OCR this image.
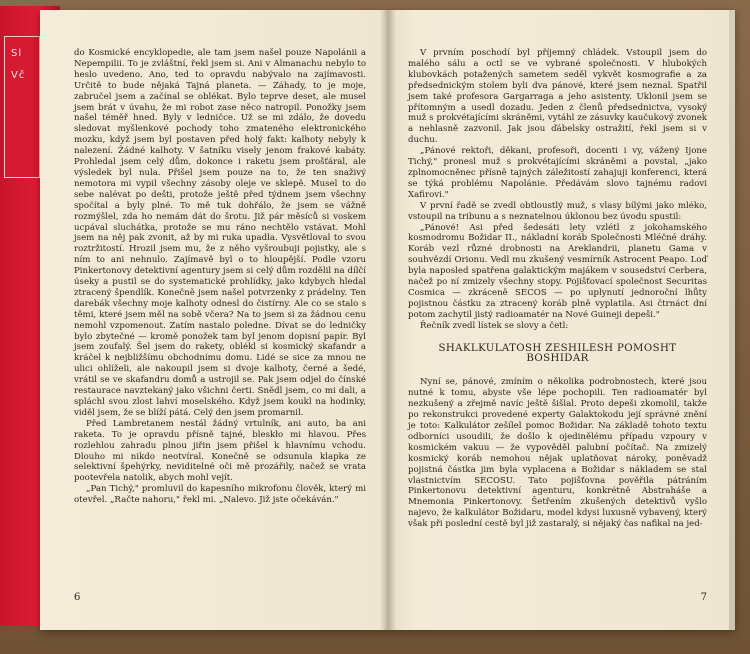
Sl
Vč

do Kosmické encyklopedie, ale tam jsem našel pouze Napolánii a Nepempilii. To je zvláštní, řekl jsem si. Ani v Almanachu nebylo to heslo uvedeno. Ano, ted to opravdu nabývalo na zajímavosti. Určitě to bude nějaká Tajná planeta. — Záhady, to je moje, zabručel jsem a začínal se oblékat. Bylo teprve deset, ale musel jsem brát v úvahu, že mi robot zase něco natropil. Ponožky jsem našel téměř hned. Byly v ledničce. Už se mi zdálo, že dovedu sledovat myšlenkové pochody toho zmateného elektronického mozku, když jsem byl postaven před holý fakt: kalhoty nebyly k nalezení. Žádné kalhoty. V šatníku visely jenom frakové kabáty. Prohledal jsem celý dům, dokonce i raketu jsem prošťáral, ale výsledek byl nula. Přišel jsem pouze na to, že ten snaživý nemotora mi vypil všechny zásoby oleje ve sklepě. Musel to do sebe nalévat po dešti, protože ještě před týdnem jsem všechny spočítal a byly plné. To mě tuk dohřálo, že jsem se vážně rozmýšlel, zda ho nemám dát do šrotu. Již pár měsíců si voskem ucpával sluchátka, protože se mu ráno nechtělo vstávat. Mohl jsem na něj pak zvonit, až by mi ruka upadla. Vysvětloval to svou roztržitostí. Hrozil jsem mu, že z něho vyšroubuji pojistky, ale s ním to ani nehnulo. Zajímavě byl o to hloupější. Podle vzoru Pinkertonovy detektivní agentury jsem si celý dům rozdělil na dílčí úseky a pustil se do systematické prohlídky, jako kdybych hledal ztracený špendlík. Konečně jsem našel potvrzenky z prádelny. Ten darebák všechny moje kalhoty odnesl do čistírny. Ale co se stalo s těmi, které jsem měl na sobě včera? Na to jsem si za žádnou cenu nemohl vzpomenout. Zatím nastalo poledne. Dívat se do ledničky bylo zbytečné — kromě ponožek tam byl jenom dopisní papír. Byl jsem zoufalý. Šel jsem do rakety, oblékl si kosmický skafandr a kráčel k nejbližšímu obchodnímu domu. Lidé se sice za mnou ne ulici ohlíželi, ale nakoupil jsem si dvoje kalhoty, černé a šedé, vrátil se ve skafandru domů a ustrojil se. Pak jsem odjel do čínské restaurace navztekaný jako všichni čerti. Snědl jsem, co mi dali, a spláchl svou zlost lahví moselského. Když jsem koukl na hodinky, viděl jsem, že se blíží pátá. Celý den jsem promarnil.

Před Lambretanem nestál žádný vrtulník, ani auto, ba ani raketa. To je opravdu přísně tajné, bleskło mi hlavou. Přes rozlehlou zahradu plnou jiřin jsem přišel k hlavnímu vchodu. Dlouho mi nikdo neotvíral. Konečně se odsunula klapka ze selektivní špehýrky, neviditelné oči mě prozářily, načež se vrata pootevřela natolik, abych mohl vejít.

„Pan Tichý," promluvil do kapesního mikrofonu člověk, který mi otevřel. „Račte nahoru," řekl mi. „Nalevo. Již jste očekáván."

6

V prvním poschodí byl příjemný chládek. Vstoupil jsem do malého sálu a octl se ve vybrané společnosti. V hlubokých klubovkách potažených sametem seděl vykvět kosmografie a za předsednickým stolem byli dva pánové, které jsem neznal. Spatřil jsem také profesora Gargarraga a jeho asistenty. Uklonil jsem se přítomným a usedl dozadu. Jeden z členů předsednictva, vysoký muž s prokvétajícími skráněmi, vytáhl ze zásuvky kaučukový zvonek a nehlasně zazvonil. Jak jsou ďábelsky ostražití, řekl jsem si v duchu.

„Pánové rektoři, děkani, profesoři, docenti i vy, vážený Ijone Tichý," pronesl muž s prokvétajícími skráněmi a povstal, „jako zplnomocněnec přísně tajných záležitostí zahajuji konferenci, která se týká problému Napolánie. Předávám slovo tajnému radovi Xafirovi."

V první řadě se zvedl obtloustlý muž, s vlasy bílými jako mléko, vstoupil na tribunu a s neznatelnou úklonou bez úvodu spustil:

„Pánové! Asi před šedesáti lety vzlétl z jokohamského kosmodromu Božidar II., nákladní koráb Společnosti Mléčné dráhy. Koráb vezl různé drobnosti na Areklandrii, planetu Gama v souhvězdí Orionu. Vedl mu zkušený vesmírník Astrocent Peapo. Loď byla naposled spatřena galaktickým majákem v sousedství Cerbera, načež po ní zmizely všechny stopy. Pojišťovací společnost Securitas Cosmica — zkráceně SECOS — po uplynutí jednoroční lhůty pojistnou částku za ztracený koráb plně vyplatila. Asi čtrnáct dní potom zachytil jistý radioamatér na Nové Guineji depeši."

Řečník zvedl lístek se slovy a četl:

SHAKLKULATOSH ZESHILESH POMOSHT BOSHIDAR

Nyní se, pánové, zmíním o několika podrobnostech, které jsou nutné k tomu, abyste vše lépe pochopili. Ten radioamatér byl nezkušený a zřejmě navíc ještě šišlal. Proto depeši zkomolil, takže po rekonstrukci provedené experty Galaktokodu její správné znění je toto: Kalkulátor zešílel pomoc Božidar. Na základě tohoto textu odborníci usoudili, že došlo k ojedinělému případu vzpoury v kosmickém vakuu — že vypověděl palubní počítač. Na zmizelý kosmický koráb nemohou nějak uplatňovat nároky, poněvadž pojistná částka jim byla vyplacena a Božidar s nákladem se stal vlastnictvím SECOSU. Tato pojišťovna pověřila pátráním Pinkertonovu detektivní agenturu, konkrétně Abstraháše a Mnemonia Pinkertonovy. Šetřením zkušených detektivů vyšlo najevo, že kalkulátor Božidaru, model kdysi luxusně vybavený, který však při poslední cestě byl již zastaralý, si nějaký čas nafikal na jed-

7
